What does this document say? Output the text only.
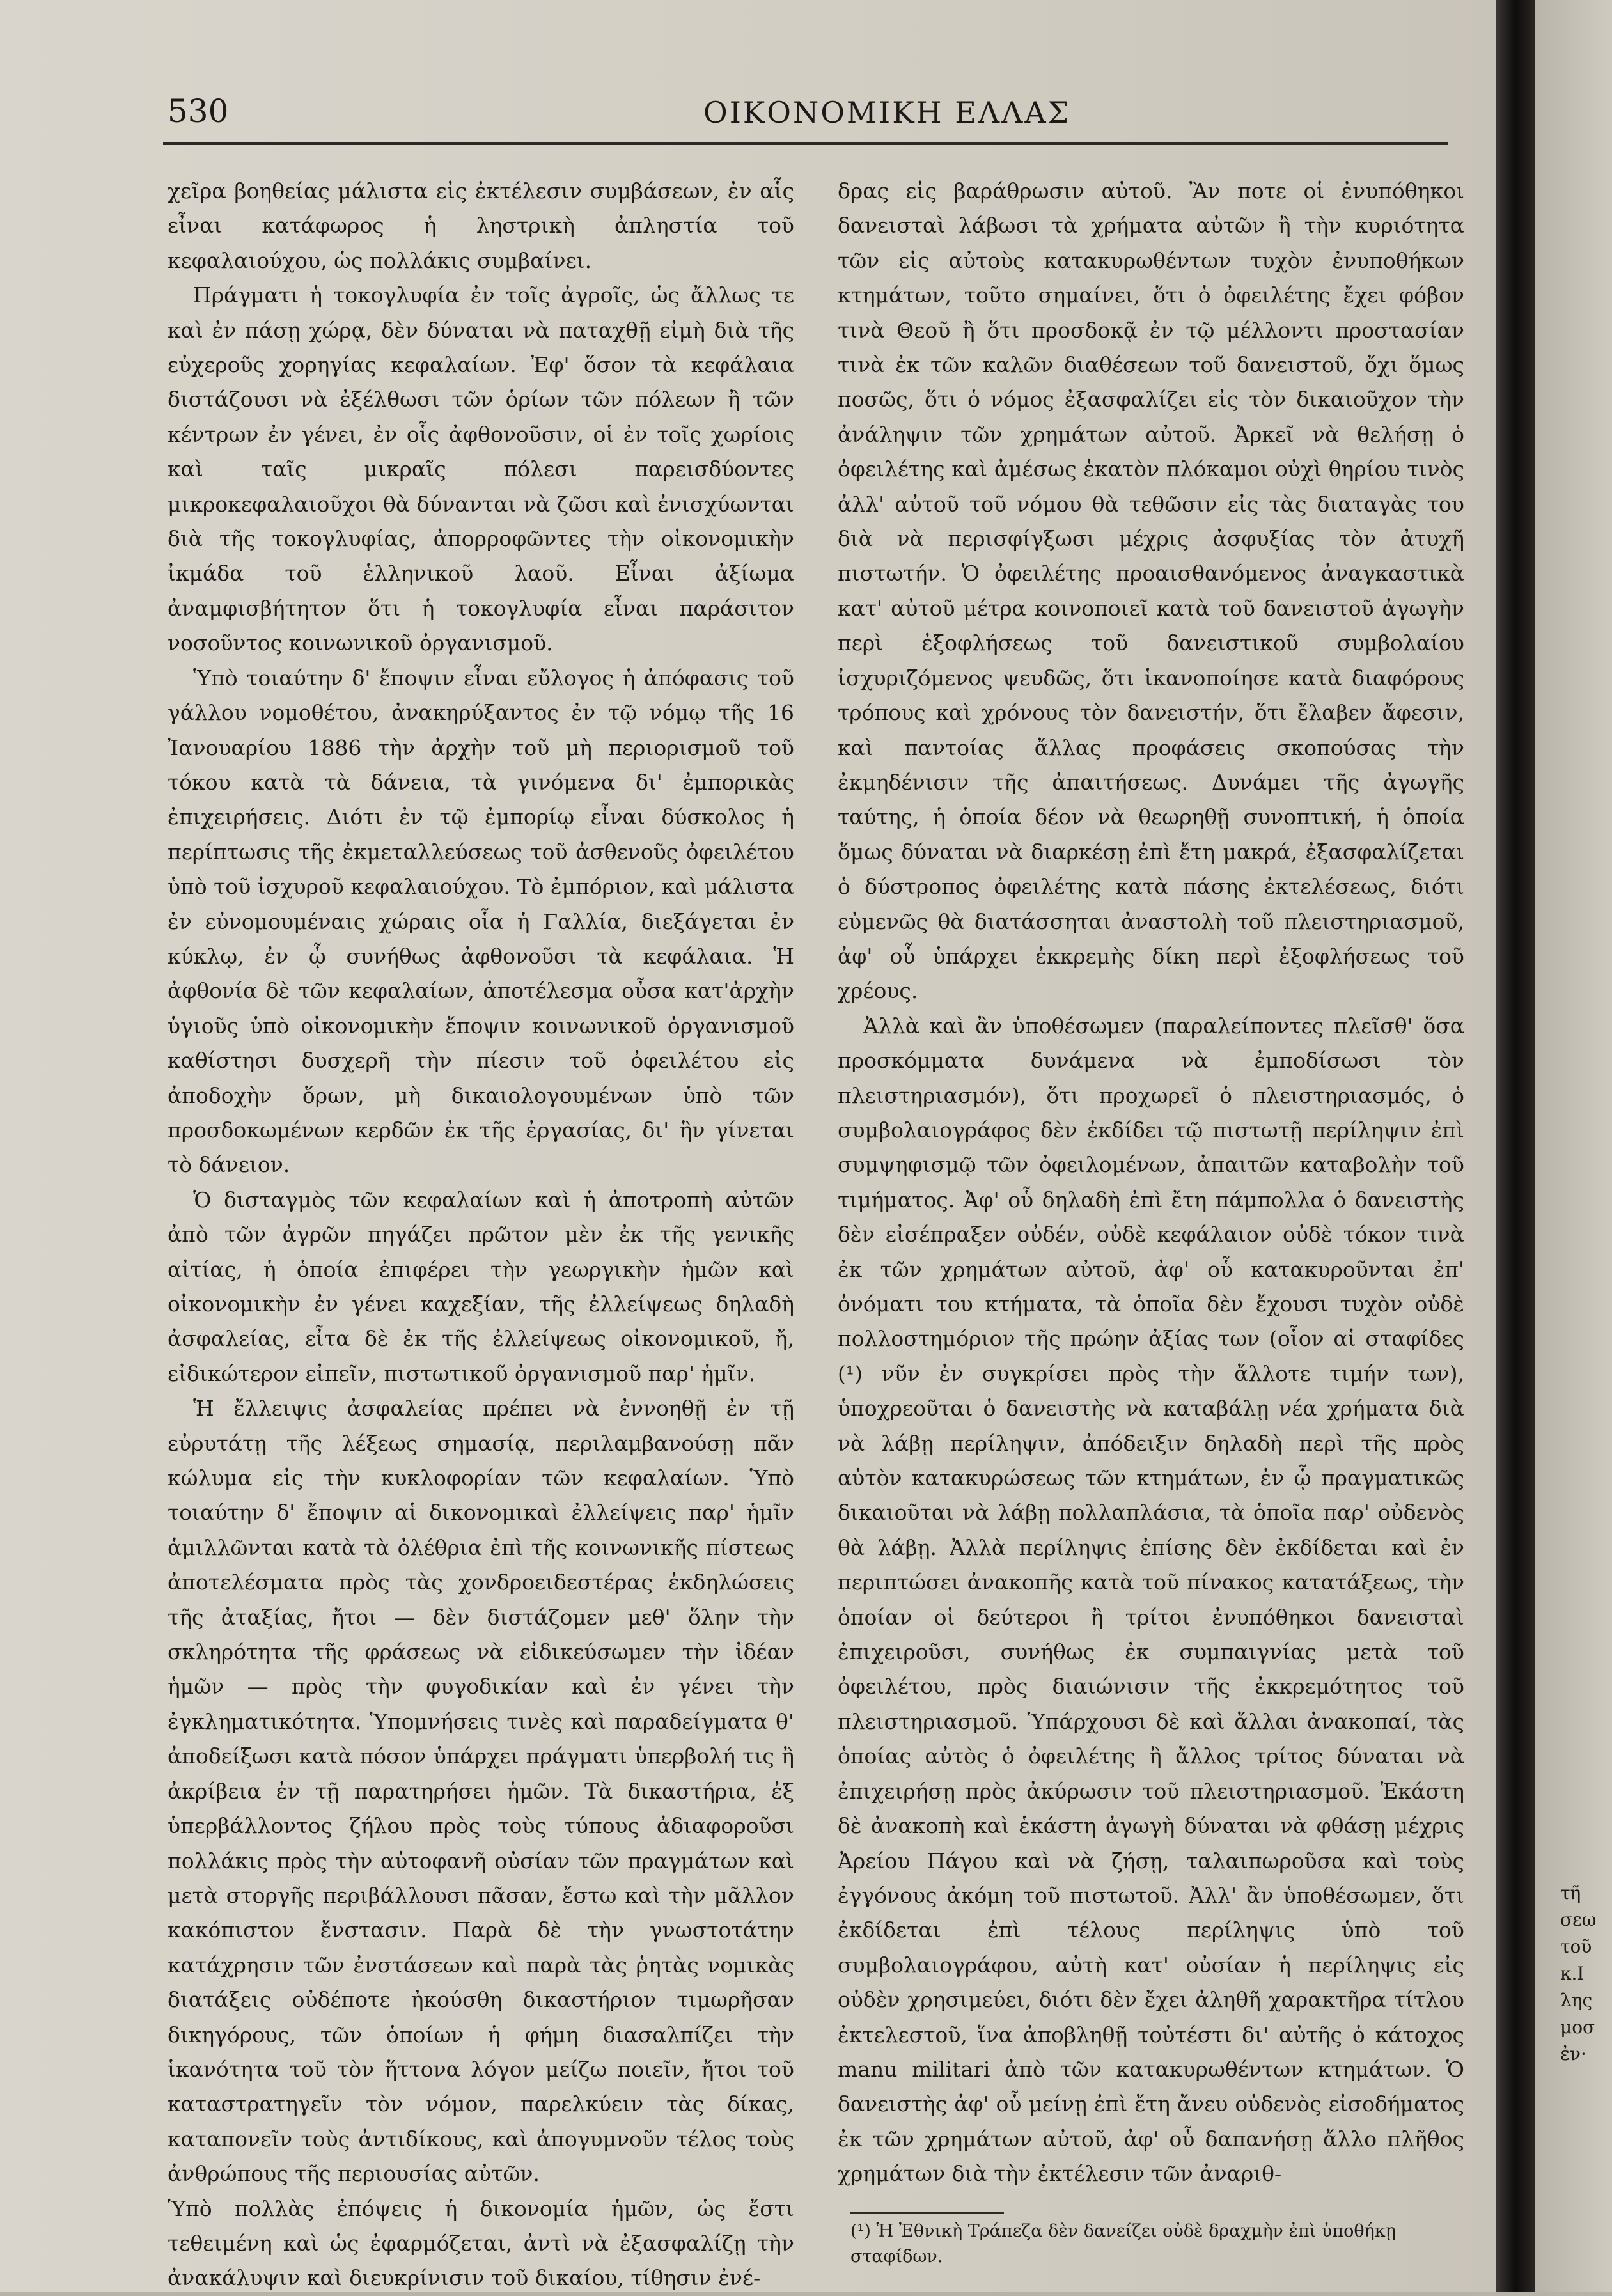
530	ΟΙΚΟΝΟΜΙΚΗ ΕΛΛΑΣ

χεῖρα βοηθείας μάλιστα εἰς ἐκτέλεσιν συμβάσεων, ἐν αἷς εἶναι κατάφωρος ἡ ληστρικὴ ἀπληστία τοῦ κεφαλαιούχου, ὡς πολλάκις συμβαίνει.

Πράγματι ἡ τοκογλυφία ἐν τοῖς ἀγροῖς, ὡς ἄλλως τε καὶ ἐν πάσῃ χώρᾳ, δὲν δύναται νὰ παταχθῇ εἰμὴ διὰ τῆς εὐχεροῦς χορηγίας κεφαλαίων. Ἐφ' ὅσον τὰ κεφάλαια διστάζουσι νὰ ἐξέλθωσι τῶν ὁρίων τῶν πόλεων ἢ τῶν κέντρων ἐν γένει, ἐν οἷς ἀφθονοῦσιν, οἱ ἐν τοῖς χωρίοις καὶ ταῖς μικραῖς πόλεσι παρεισδύοντες μικροκεφαλαιοῦχοι θὰ δύνανται νὰ ζῶσι καὶ ἐνισχύωνται διὰ τῆς τοκογλυφίας, ἀπορροφῶντες τὴν οἰκονομικὴν ἰκμάδα τοῦ ἑλληνικοῦ λαοῦ. Εἶναι ἀξίωμα ἀναμφισβήτητον ὅτι ἡ τοκογλυφία εἶναι παράσιτον νοσοῦντος κοινωνικοῦ ὀργανισμοῦ.

Ὑπὸ τοιαύτην δ' ἔποψιν εἶναι εὔλογος ἡ ἀπόφασις τοῦ γάλλου νομοθέτου, ἀνακηρύξαντος ἐν τῷ νόμῳ τῆς 16 Ἰανουαρίου 1886 τὴν ἀρχὴν τοῦ μὴ περιορισμοῦ τοῦ τόκου κατὰ τὰ δάνεια, τὰ γινόμενα δι' ἐμπορικὰς ἐπιχειρήσεις. Διότι ἐν τῷ ἐμπορίῳ εἶναι δύσκολος ἡ περίπτωσις τῆς ἐκμεταλλεύσεως τοῦ ἀσθενοῦς ὀφειλέτου ὑπὸ τοῦ ἰσχυροῦ κεφαλαιούχου. Τὸ ἐμπόριον, καὶ μάλιστα ἐν εὐνομουμέναις χώραις οἷα ἡ Γαλλία, διεξάγεται ἐν κύκλῳ, ἐν ᾧ συνήθως ἀφθονοῦσι τὰ κεφάλαια. Ἡ ἀφθονία δὲ τῶν κεφαλαίων, ἀποτέλεσμα οὖσα κατ'ἀρχὴν ὑγιοῦς ὑπὸ οἰκονομικὴν ἔποψιν κοινωνικοῦ ὀργανισμοῦ καθίστησι δυσχερῆ τὴν πίεσιν τοῦ ὀφειλέτου εἰς ἀποδοχὴν ὅρων, μὴ δικαιολογουμένων ὑπὸ τῶν προσδοκωμένων κερδῶν ἐκ τῆς ἐργασίας, δι' ἣν γίνεται τὸ δάνειον.

Ὁ δισταγμὸς τῶν κεφαλαίων καὶ ἡ ἀποτροπὴ αὐτῶν ἀπὸ τῶν ἀγρῶν πηγάζει πρῶτον μὲν ἐκ τῆς γενικῆς αἰτίας, ἡ ὁποία ἐπιφέρει τὴν γεωργικὴν ἡμῶν καὶ οἰκονομικὴν ἐν γένει καχεξίαν, τῆς ἐλλείψεως δηλαδὴ ἀσφαλείας, εἶτα δὲ ἐκ τῆς ἐλλείψεως οἰκονομικοῦ, ἤ, εἰδικώτερον εἰπεῖν, πιστωτικοῦ ὀργανισμοῦ παρ' ἡμῖν.

Ἡ ἔλλειψις ἀσφαλείας πρέπει νὰ ἐννοηθῇ ἐν τῇ εὐρυτάτῃ τῆς λέξεως σημασίᾳ, περιλαμβανούσῃ πᾶν κώλυμα εἰς τὴν κυκλοφορίαν τῶν κεφαλαίων. Ὑπὸ τοιαύτην δ' ἔποψιν αἱ δικονομικαὶ ἐλλείψεις παρ' ἡμῖν ἁμιλλῶνται κατὰ τὰ ὀλέθρια ἐπὶ τῆς κοινωνικῆς πίστεως ἀποτελέσματα πρὸς τὰς χονδροειδεστέρας ἐκδηλώσεις τῆς ἀταξίας, ἤτοι — δὲν διστάζομεν μεθ' ὅλην τὴν σκληρότητα τῆς φράσεως νὰ εἰδικεύσωμεν τὴν ἰδέαν ἡμῶν — πρὸς τὴν φυγοδικίαν καὶ ἐν γένει τὴν ἐγκληματικότητα. Ὑπομνήσεις τινὲς καὶ παραδείγματα θ' ἀποδείξωσι κατὰ πόσον ὑπάρχει πράγματι ὑπερβολή τις ἢ ἀκρίβεια ἐν τῇ παρατηρήσει ἡμῶν. Τὰ δικαστήρια, ἐξ ὑπερβάλλοντος ζήλου πρὸς τοὺς τύπους ἀδιαφοροῦσι πολλάκις πρὸς τὴν αὐτοφανῆ οὐσίαν τῶν πραγμάτων καὶ μετὰ στοργῆς περιβάλλουσι πᾶσαν, ἔστω καὶ τὴν μᾶλλον κακόπιστον ἔνστασιν. Παρὰ δὲ τὴν γνωστοτάτην κατάχρησιν τῶν ἐνστάσεων καὶ παρὰ τὰς ῥητὰς νομικὰς διατάξεις οὐδέποτε ἠκούσθη δικαστήριον τιμωρῆσαν δικηγόρους, τῶν ὁποίων ἡ φήμη διασαλπίζει τὴν ἱκανότητα τοῦ τὸν ἥττονα λόγον μείζω ποιεῖν, ἤτοι τοῦ καταστρατηγεῖν τὸν νόμον, παρελκύειν τὰς δίκας, καταπονεῖν τοὺς ἀντιδίκους, καὶ ἀπογυμνοῦν τέλος τοὺς ἀνθρώπους τῆς περιουσίας αὐτῶν.

Ὑπὸ πολλὰς ἐπόψεις ἡ δικονομία ἡμῶν, ὡς ἔστι τεθειμένη καὶ ὡς ἐφαρμόζεται, ἀντὶ νὰ ἐξασφαλίζῃ τὴν ἀνακάλυψιν καὶ διευκρίνισιν τοῦ δικαίου, τίθησιν ἐνέ-

δρας εἰς βαράθρωσιν αὐτοῦ. Ἂν ποτε οἱ ἐνυπόθηκοι δανεισταὶ λάβωσι τὰ χρήματα αὐτῶν ἢ τὴν κυριότητα τῶν εἰς αὐτοὺς κατακυρωθέντων τυχὸν ἐνυποθήκων κτημάτων, τοῦτο σημαίνει, ὅτι ὁ ὀφειλέτης ἔχει φόβον τινὰ Θεοῦ ἢ ὅτι προσδοκᾷ ἐν τῷ μέλλοντι προστασίαν τινὰ ἐκ τῶν καλῶν διαθέσεων τοῦ δανειστοῦ, ὄχι ὅμως ποσῶς, ὅτι ὁ νόμος ἐξασφαλίζει εἰς τὸν δικαιοῦχον τὴν ἀνάληψιν τῶν χρημάτων αὐτοῦ. Ἀρκεῖ νὰ θελήσῃ ὁ ὀφειλέτης καὶ ἀμέσως ἑκατὸν πλόκαμοι οὐχὶ θηρίου τινὸς ἀλλ' αὐτοῦ τοῦ νόμου θὰ τεθῶσιν εἰς τὰς διαταγὰς του διὰ νὰ περισφίγξωσι μέχρις ἀσφυξίας τὸν ἀτυχῆ πιστωτήν. Ὁ ὀφειλέτης προαισθανόμενος ἀναγκαστικὰ κατ' αὐτοῦ μέτρα κοινοποιεῖ κατὰ τοῦ δανειστοῦ ἀγωγὴν περὶ ἐξοφλήσεως τοῦ δανειστικοῦ συμβολαίου ἰσχυριζόμενος ψευδῶς, ὅτι ἱκανοποίησε κατὰ διαφόρους τρόπους καὶ χρόνους τὸν δανειστήν, ὅτι ἔλαβεν ἄφεσιν, καὶ παντοίας ἄλλας προφάσεις σκοπούσας τὴν ἐκμηδένισιν τῆς ἀπαιτήσεως. Δυνάμει τῆς ἀγωγῆς ταύτης, ἡ ὁποία δέον νὰ θεωρηθῇ συνοπτική, ἡ ὁποία ὅμως δύναται νὰ διαρκέσῃ ἐπὶ ἔτη μακρά, ἐξασφαλίζεται ὁ δύστροπος ὀφειλέτης κατὰ πάσης ἐκτελέσεως, διότι εὐμενῶς θὰ διατάσσηται ἀναστολὴ τοῦ πλειστηριασμοῦ, ἀφ' οὗ ὑπάρχει ἐκκρεμὴς δίκη περὶ ἐξοφλήσεως τοῦ χρέους.

Ἀλλὰ καὶ ἂν ὑποθέσωμεν (παραλείποντες πλεῖσθ' ὅσα προσκόμματα δυνάμενα νὰ ἐμποδίσωσι τὸν πλειστηριασμόν), ὅτι προχωρεῖ ὁ πλειστηριασμός, ὁ συμβολαιογράφος δὲν ἐκδίδει τῷ πιστωτῇ περίληψιν ἐπὶ συμψηφισμῷ τῶν ὀφειλομένων, ἀπαιτῶν καταβολὴν τοῦ τιμήματος. Ἀφ' οὗ δηλαδὴ ἐπὶ ἔτη πάμπολλα ὁ δανειστὴς δὲν εἰσέπραξεν οὐδέν, οὐδὲ κεφάλαιον οὐδὲ τόκον τινὰ ἐκ τῶν χρημάτων αὐτοῦ, ἀφ' οὗ κατακυροῦνται ἐπ' ὀνόματι του κτήματα, τὰ ὁποῖα δὲν ἔχουσι τυχὸν οὐδὲ πολλοστημόριον τῆς πρώην ἀξίας των (οἷον αἱ σταφίδες (¹) νῦν ἐν συγκρίσει πρὸς τὴν ἄλλοτε τιμήν των), ὑποχρεοῦται ὁ δανειστὴς νὰ καταβάλῃ νέα χρήματα διὰ νὰ λάβῃ περίληψιν, ἀπόδειξιν δηλαδὴ περὶ τῆς πρὸς αὐτὸν κατακυρώσεως τῶν κτημάτων, ἐν ᾧ πραγματικῶς δικαιοῦται νὰ λάβῃ πολλαπλάσια, τὰ ὁποῖα παρ' οὐδενὸς θὰ λάβῃ. Ἀλλὰ περίληψις ἐπίσης δὲν ἐκδίδεται καὶ ἐν περιπτώσει ἀνακοπῆς κατὰ τοῦ πίνακος κατατάξεως, τὴν ὁποίαν οἱ δεύτεροι ἢ τρίτοι ἐνυπόθηκοι δανεισταὶ ἐπιχειροῦσι, συνήθως ἐκ συμπαιγνίας μετὰ τοῦ ὀφειλέτου, πρὸς διαιώνισιν τῆς ἐκκρεμότητος τοῦ πλειστηριασμοῦ. Ὑπάρχουσι δὲ καὶ ἄλλαι ἀνακοπαί, τὰς ὁποίας αὐτὸς ὁ ὀφειλέτης ἢ ἄλλος τρίτος δύναται νὰ ἐπιχειρήσῃ πρὸς ἀκύρωσιν τοῦ πλειστηριασμοῦ. Ἑκάστη δὲ ἀνακοπὴ καὶ ἑκάστη ἀγωγὴ δύναται νὰ φθάσῃ μέχρις Ἀρείου Πάγου καὶ νὰ ζήσῃ, ταλαιπωροῦσα καὶ τοὺς ἐγγόνους ἀκόμη τοῦ πιστωτοῦ. Ἀλλ' ἂν ὑποθέσωμεν, ὅτι ἐκδίδεται ἐπὶ τέλους περίληψις ὑπὸ τοῦ συμβολαιογράφου, αὐτὴ κατ' οὐσίαν ἡ περίληψις εἰς οὐδὲν χρησιμεύει, διότι δὲν ἔχει ἀληθῆ χαρακτῆρα τίτλου ἐκτελεστοῦ, ἵνα ἀποβληθῇ τοὐτέστι δι' αὐτῆς ὁ κάτοχος manu militari ἀπὸ τῶν κατακυρωθέντων κτημάτων. Ὁ δανειστὴς ἀφ' οὗ μείνῃ ἐπὶ ἔτη ἄνευ οὐδενὸς εἰσοδήματος ἐκ τῶν χρημάτων αὐτοῦ, ἀφ' οὗ δαπανήσῃ ἄλλο πλῆθος χρημάτων διὰ τὴν ἐκτέλεσιν τῶν ἀναριθ-

(¹) Ἡ Ἐθνικὴ Τράπεζα δὲν δανείζει οὐδὲ δραχμὴν ἐπὶ ὑποθήκῃ σταφίδων.
τῆ
σεω
τοῦ
κ.Ι
λης
μοσ
ἐν·
